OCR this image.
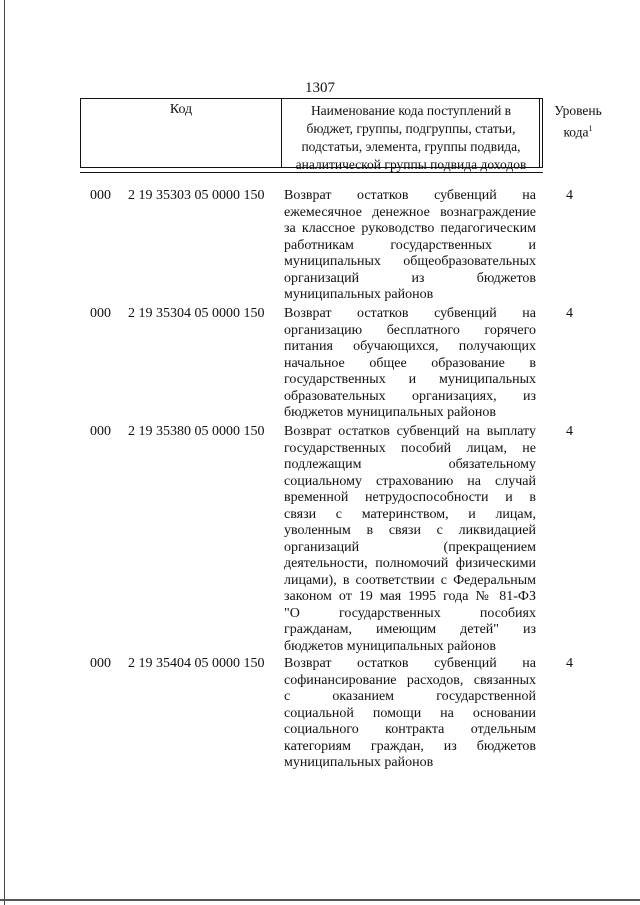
1307
Код	Наименование кода поступлений в
бюджет, группы, подгруппы, статьи,
подстатьи, элемента, группы подвида,
аналитической группы подвида доходов
Уровень
кода$^1$
000 2 19 35303 05 0000 150 Возврат остатков субвенций на
ежемесячное денежное вознаграждение
за классное руководство педагогическим
работникам государственных и
муниципальных общеобразовательных
организаций из бюджетов
муниципальных районов
4
000 2 19 35304 05 0000 150 Возврат остатков субвенций на
организацию бесплатного горячего
питания обучающихся, получающих
начальное общее образование в
государственных и муниципальных
образовательных организациях, из
бюджетов муниципальных районов
4
000 2 19 35380 05 0000 150 Возврат остатков субвенций на выплату
государственных пособий лицам, не
подлежащим обязательному
социальному страхованию на случай
временной нетрудоспособности и в
связи с материнством, и лицам,
уволенным в связи с ликвидацией
организаций (прекращением
деятельности, полномочий физическими
лицами), в соответствии с Федеральным
законом от 19 мая 1995 года № 81-ФЗ
"О государственных пособиях
гражданам, имеющим детей" из
бюджетов муниципальных районов
4
000 2 19 35404 05 0000 150 Возврат остатков субвенций на
софинансирование расходов, связанных
с оказанием государственной
социальной помощи на основании
социального контракта отдельным
категориям граждан, из бюджетов
муниципальных районов
4
